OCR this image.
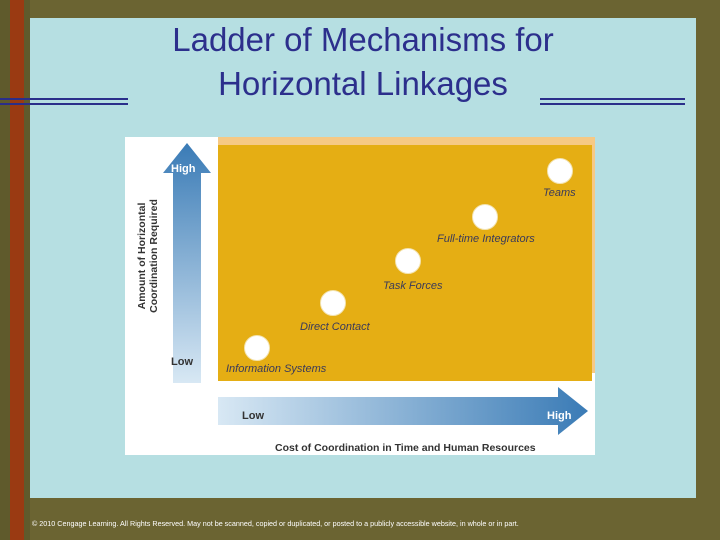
Ladder of Mechanisms for
Horizontal Linkages
High
Low
Amount of Horizontal Coordination Required
Low	High
Cost of Coordination in Time and Human Resources
Information Systems
Direct Contact
Task Forces
Full-time Integrators
Teams
© 2010 Cengage Learning. All Rights Reserved. May not be scanned, copied or duplicated, or posted to a publicly accessible website, in whole or in part.
